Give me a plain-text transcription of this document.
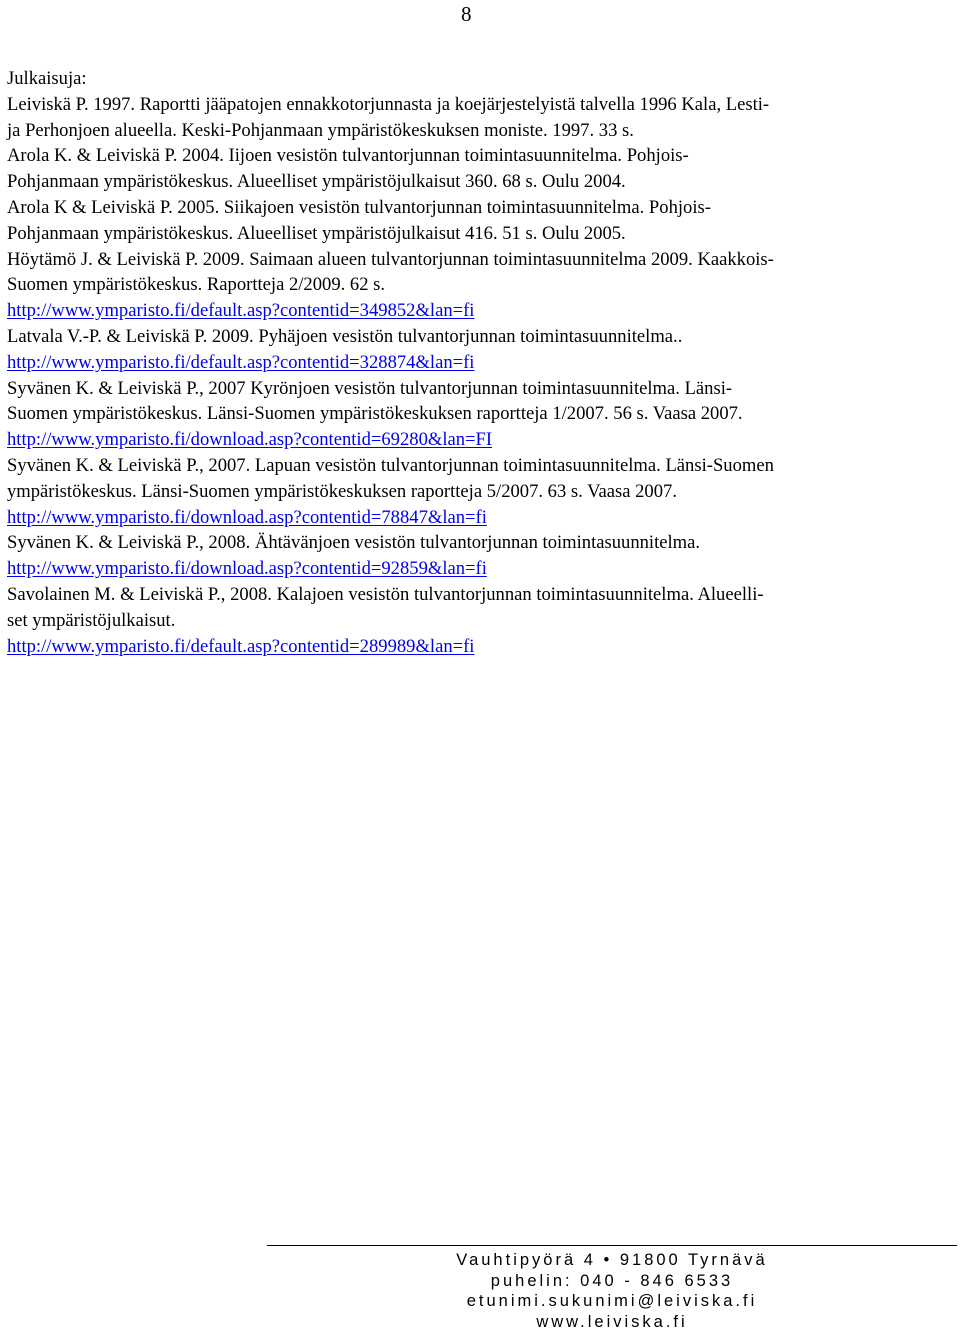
8
Julkaisuja:
Leiviskä P. 1997. Raportti jääpatojen ennakkotorjunnasta ja koejärjestelyistä talvella 1996 Kala, Lesti-
ja Perhonjoen alueella. Keski-Pohjanmaan ympäristökeskuksen moniste. 1997. 33 s.
Arola K. & Leiviskä P. 2004. Iijoen vesistön tulvantorjunnan toimintasuunnitelma. Pohjois-
Pohjanmaan ympäristökeskus. Alueelliset ympäristöjulkaisut 360. 68 s. Oulu 2004.
Arola K & Leiviskä P. 2005. Siikajoen vesistön tulvantorjunnan toimintasuunnitelma. Pohjois-
Pohjanmaan ympäristökeskus. Alueelliset ympäristöjulkaisut 416. 51 s. Oulu 2005.
Höytämö J. & Leiviskä P. 2009. Saimaan alueen tulvantorjunnan toimintasuunnitelma 2009. Kaakkois-
Suomen ympäristökeskus. Raportteja 2/2009. 62 s.
http://www.ymparisto.fi/default.asp?contentid=349852&lan=fi
Latvala V.-P. & Leiviskä P. 2009. Pyhäjoen vesistön tulvantorjunnan toimintasuunnitelma..
http://www.ymparisto.fi/default.asp?contentid=328874&lan=fi
Syvänen K. & Leiviskä P., 2007 Kyrönjoen vesistön tulvantorjunnan toimintasuunnitelma. Länsi-
Suomen ympäristökeskus. Länsi-Suomen ympäristökeskuksen raportteja 1/2007. 56 s. Vaasa 2007.
http://www.ymparisto.fi/download.asp?contentid=69280&lan=FI
Syvänen K. & Leiviskä P., 2007. Lapuan vesistön tulvantorjunnan toimintasuunnitelma. Länsi-Suomen
ympäristökeskus. Länsi-Suomen ympäristökeskuksen raportteja 5/2007. 63 s. Vaasa 2007.
http://www.ymparisto.fi/download.asp?contentid=78847&lan=fi
Syvänen K. & Leiviskä P., 2008. Ähtävänjoen vesistön tulvantorjunnan toimintasuunnitelma.
http://www.ymparisto.fi/download.asp?contentid=92859&lan=fi
Savolainen M. & Leiviskä P., 2008. Kalajoen vesistön tulvantorjunnan toimintasuunnitelma. Alueelli-
set ympäristöjulkaisut.
http://www.ymparisto.fi/default.asp?contentid=289989&lan=fi
Vauhtipyörä 4 • 91800 Tyrnävä
puhelin: 040 - 846 6533
etunimi.sukunimi@leiviska.fi
www.leiviska.fi
